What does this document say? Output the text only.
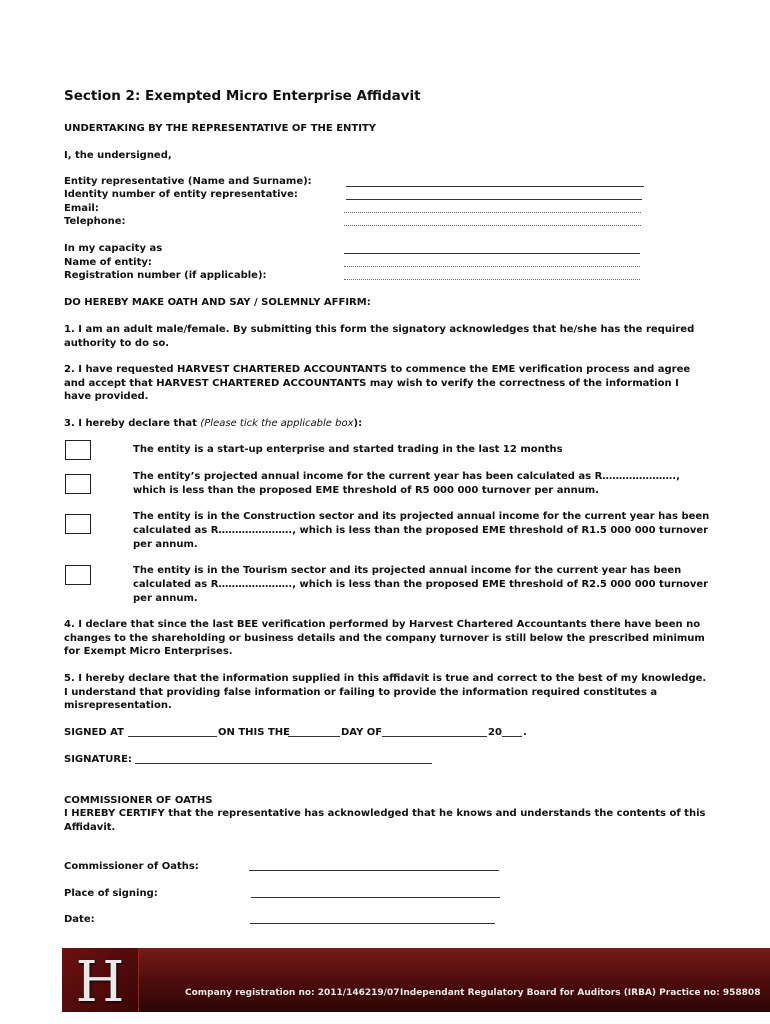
Section 2: Exempted Micro Enterprise Affidavit
UNDERTAKING BY THE REPRESENTATIVE OF THE ENTITY
I, the undersigned,
Entity representative (Name and Surname):
Identity number of entity representative:
Email:
Telephone:
In my capacity as
Name of entity:
Registration number (if applicable):
DO HEREBY MAKE OATH AND SAY / SOLEMNLY AFFIRM:
1. I am an adult male/female. By submitting this form the signatory acknowledges that he/she has the required authority to do so.
2. I have requested HARVEST CHARTERED ACCOUNTANTS to commence the EME verification process and agree and accept that HARVEST CHARTERED ACCOUNTANTS may wish to verify the correctness of the information I have provided.
3. I hereby declare that (Please tick the applicable box):
The entity is a start-up enterprise and started trading in the last 12 months
The entity’s projected annual income for the current year has been calculated as R…………………., which is less than the proposed EME threshold of R5 000 000 turnover per annum.
The entity is in the Construction sector and its projected annual income for the current year has been calculated as R…………………., which is less than the proposed EME threshold of R1.5 000 000 turnover per annum.
The entity is in the Tourism sector and its projected annual income for the current year has been calculated as R…………………., which is less than the proposed EME threshold of R2.5 000 000 turnover per annum.
4. I declare that since the last BEE verification performed by Harvest Chartered Accountants there have been no changes to the shareholding or business details and the company turnover is still below the prescribed minimum for Exempt Micro Enterprises.
5. I hereby declare that the information supplied in this affidavit is true and correct to the best of my knowledge. I understand that providing false information or failing to provide the information required constitutes a misrepresentation.
SIGNED AT	ON THIS THE	DAY OF	20 .
SIGNATURE:
COMMISSIONER OF OATHS
I HEREBY CERTIFY that the representative has acknowledged that he knows and understands the contents of this Affidavit.
Commissioner of Oaths:
Place of signing:
Date:
H	Company registration no: 2011/146219/07 Independant Regulatory Board for Auditors (IRBA) Practice no: 958808
